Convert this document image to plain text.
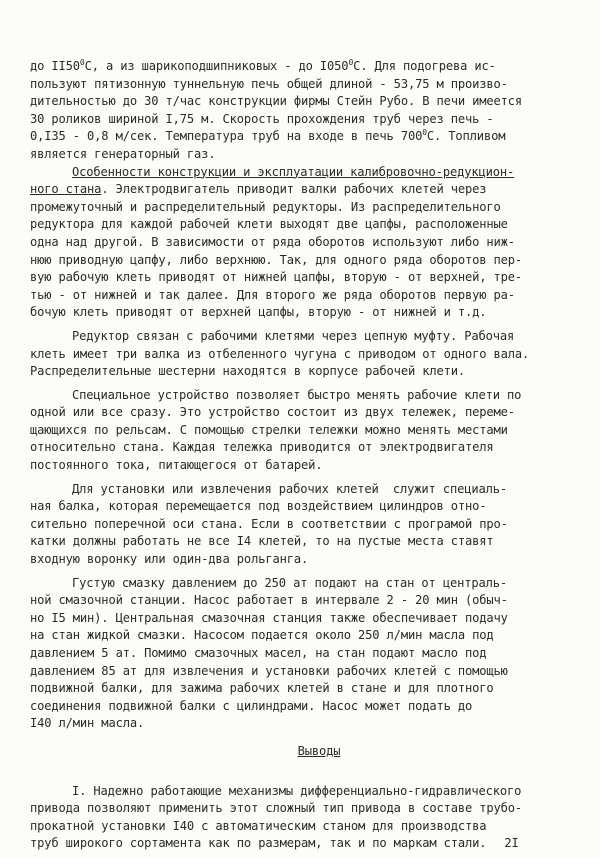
до $II50^0С$, а из шарикоподшипниковых - до $I050^0С$. Для подогрева ис-
пользуют пятизонную туннельную печь общей длиной - 53,75 м произво-
дительностью до 30 т/час конструкции фирмы Стейн Рубо. В печи имеется
30 роликов шириной I,75 м. Скорость прохождения труб через печь -
0,I35 - 0,8 м/сек. Температура труб на входе в печь $700^0С$. Топливом
является генераторный газ.
Особенности конструкции и эксплуатации калибровочно-редукцион-
ного стана. Электродвигатель приводит валки рабочих клетей через
промежуточный и распределительный редукторы. Из распределительного
редуктора для каждой рабочей клети выходят две цапфы, расположенные
одна над другой. В зависимости от ряда оборотов используют либо ниж-
нюю приводную цапфу, либо верхнюю. Так, для одного ряда оборотов пер-
вую рабочую клеть приводят от нижней цапфы, вторую - от верхней, тре-
тью - от нижней и так далее. Для второго же ряда оборотов первую ра-
бочую клеть приводят от верхней цапфы, вторую - от нижней и т.д.
Редуктор связан с рабочими клетями через цепную муфту. Рабочая
клеть имеет три валка из отбеленного чугуна с приводом от одного вала.
Распределительные шестерни находятся в корпусе рабочей клети.
Специальное устройство позволяет быстро менять рабочие клети по
одной или все сразу. Это устройство состоит из двух тележек, переме-
щающихся по рельсам. С помощью стрелки тележки можно менять местами
относительно стана. Каждая тележка приводится от электродвигателя
постоянного тока, питающегося от батарей.
Для установки или извлечения рабочих клетей  служит специаль-
ная балка, которая перемещается под воздействием цилиндров отно-
сительно поперечной оси стана. Если в соответствии с програмой про-
катки должны работать не все I4 клетей, то на пустые места ставят
входную воронку или один-два рольганга.
Густую смазку давлением до 250 ат подают на стан от централь-
ной смазочной станции. Насос работает в интервале 2 - 20 мин (обыч-
но I5 мин). Центральная смазочная станция также обеспечивает подачу
на стан жидкой смазки. Насосом подается около 250 л/мин масла под
давлением 5 ат. Помимо смазочных масел, на стан подают масло под
давлением 85 ат для извлечения и установки рабочих клетей с помощью
подвижной балки, для зажима рабочих клетей в стане и для плотного
соединения подвижной балки с цилиндрами. Насос может подать до
I40 л/мин масла.
Выводы
I. Надежно работающие механизмы дифференциально-гидравлического
привода позволяют применить этот сложный тип привода в составе трубо-
прокатной установки I40 с автоматическим станом для производства
труб широкого сортамента как по размерам, так и по маркам стали. 2I
